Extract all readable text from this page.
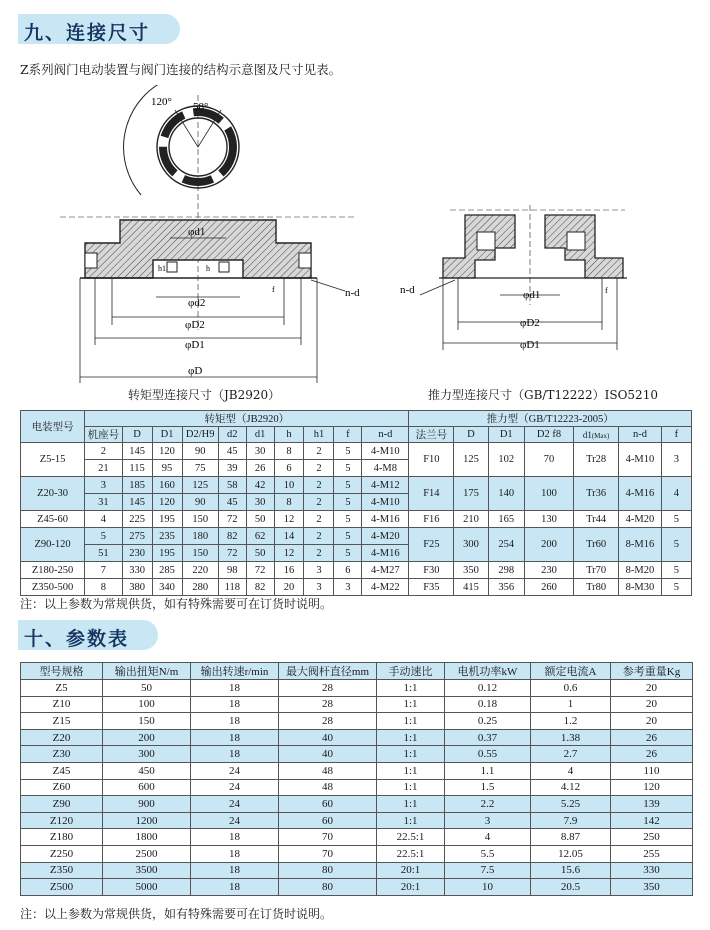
九、连接尺寸
Z系列阀门电动装置与阀门连接的结构示意图及尺寸见表。
120° 58°
φd1
h1	h
f
φd2
φD2
φD1
φD
n-d
转矩型连接尺寸（JB2920）
φd1
φD2
φD1
n-d	f
推力型连接尺寸（GB/T12222）ISO5210
电装型号	转矩型（JB2920）										推力型（GB/T12223-2005）						
	机座号	D	D1	D2/H9	d2	d1	h	h1	f	n-d	法兰号	D	D1	D2 f8	d1(Max)	n-d	f
Z5-15	2	145	120	90	45	30	8	2	5	4-M10	F10	125	102	70	Tr28	4-M10	3
	21	115	95	75	39	26	6	2	5	4-M8							
Z20-30	3	185	160	125	58	42	10	2	5	4-M12	F14	175	140	100	Tr36	4-M16	4
	31	145	120	90	45	30	8	2	5	4-M10							
Z45-60	4	225	195	150	72	50	12	2	5	4-M16	F16	210	165	130	Tr44	4-M20	5
Z90-120	5	275	235	180	82	62	14	2	5	4-M20	F25	300	254	200	Tr60	8-M16	5
	51	230	195	150	72	50	12	2	5	4-M16							
Z180-250	7	330	285	220	98	72	16	3	6	4-M27	F30	350	298	230	Tr70	8-M20	5
Z350-500	8	380	340	280	118	82	20	3	3	4-M22	F35	415	356	260	Tr80	8-M30	5
注：以上参数为常规供货，如有特殊需要可在订货时说明。
十、参数表
型号规格	输出扭矩N/m	输出转速r/min	最大阀杆直径mm	手动速比	电机功率kW	额定电流A	参考重量Kg
Z5	50	18	28	1:1	0.12	0.6	20
Z10	100	18	28	1:1	0.18	1	20
Z15	150	18	28	1:1	0.25	1.2	20
Z20	200	18	40	1:1	0.37	1.38	26
Z30	300	18	40	1:1	0.55	2.7	26
Z45	450	24	48	1:1	1.1	4	110
Z60	600	24	48	1:1	1.5	4.12	120
Z90	900	24	60	1:1	2.2	5.25	139
Z120	1200	24	60	1:1	3	7.9	142
Z180	1800	18	70	22.5:1	4	8.87	250
Z250	2500	18	70	22.5:1	5.5	12.05	255
Z350	3500	18	80	20:1	7.5	15.6	330
Z500	5000	18	80	20:1	10	20.5	350
注：以上参数为常规供货，如有特殊需要可在订货时说明。
